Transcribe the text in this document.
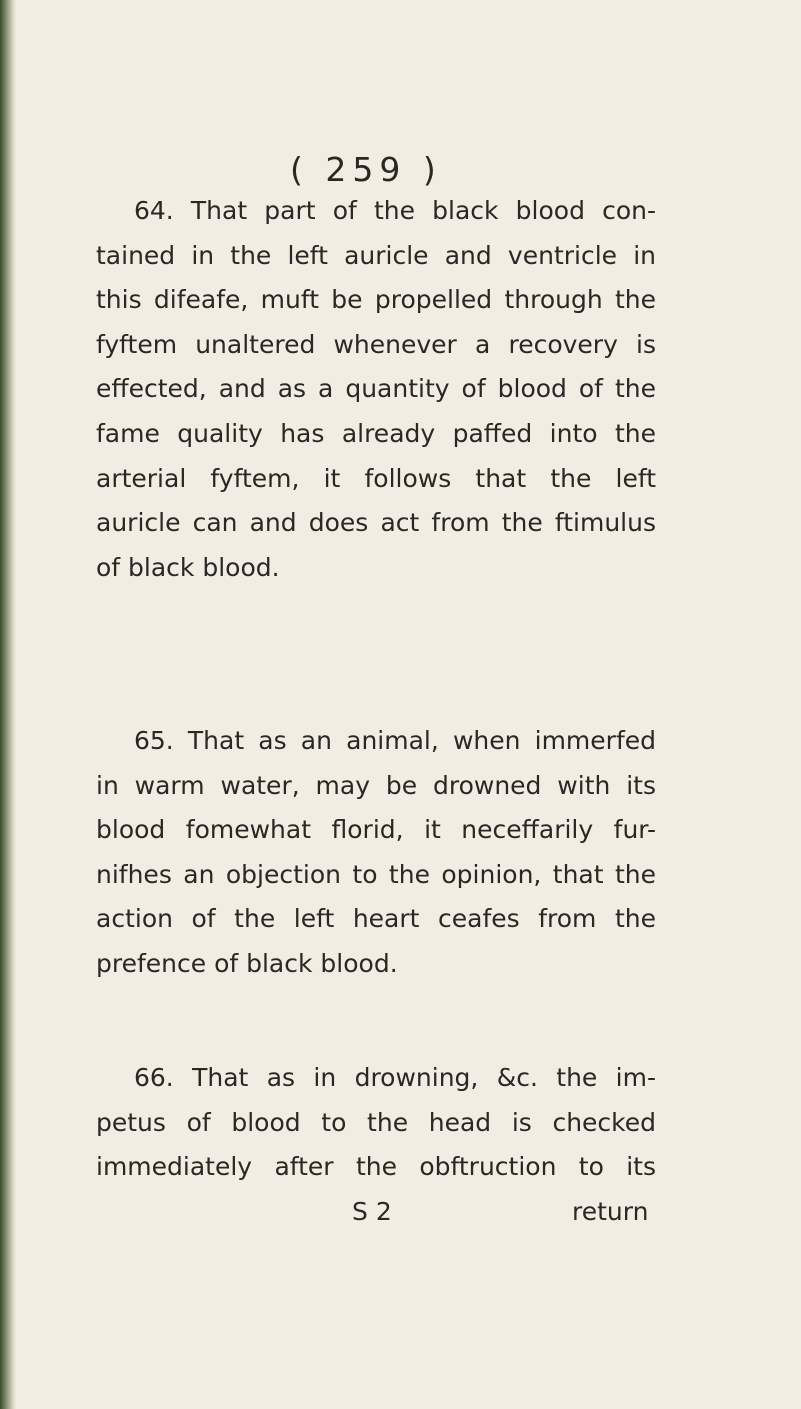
( 259 )
64. That part of the black blood con-
tained in the left auricle and ventricle in
this difeafe, muft be propelled through the
fyftem unaltered whenever a recovery is
effected, and as a quantity of blood of the
fame quality has already paffed into the
arterial fyftem, it follows that the left
auricle can and does act from the ftimulus
of black blood.
65. That as an animal, when immerfed
in warm water, may be drowned with its
blood fomewhat florid, it neceffarily fur-
nifhes an objection to the opinion, that the
action of the left heart ceafes from the
prefence of black blood.
66. That as in drowning, &c. the im-
petus of blood to the head is checked
immediately after the obftruction to its
S 2	return
